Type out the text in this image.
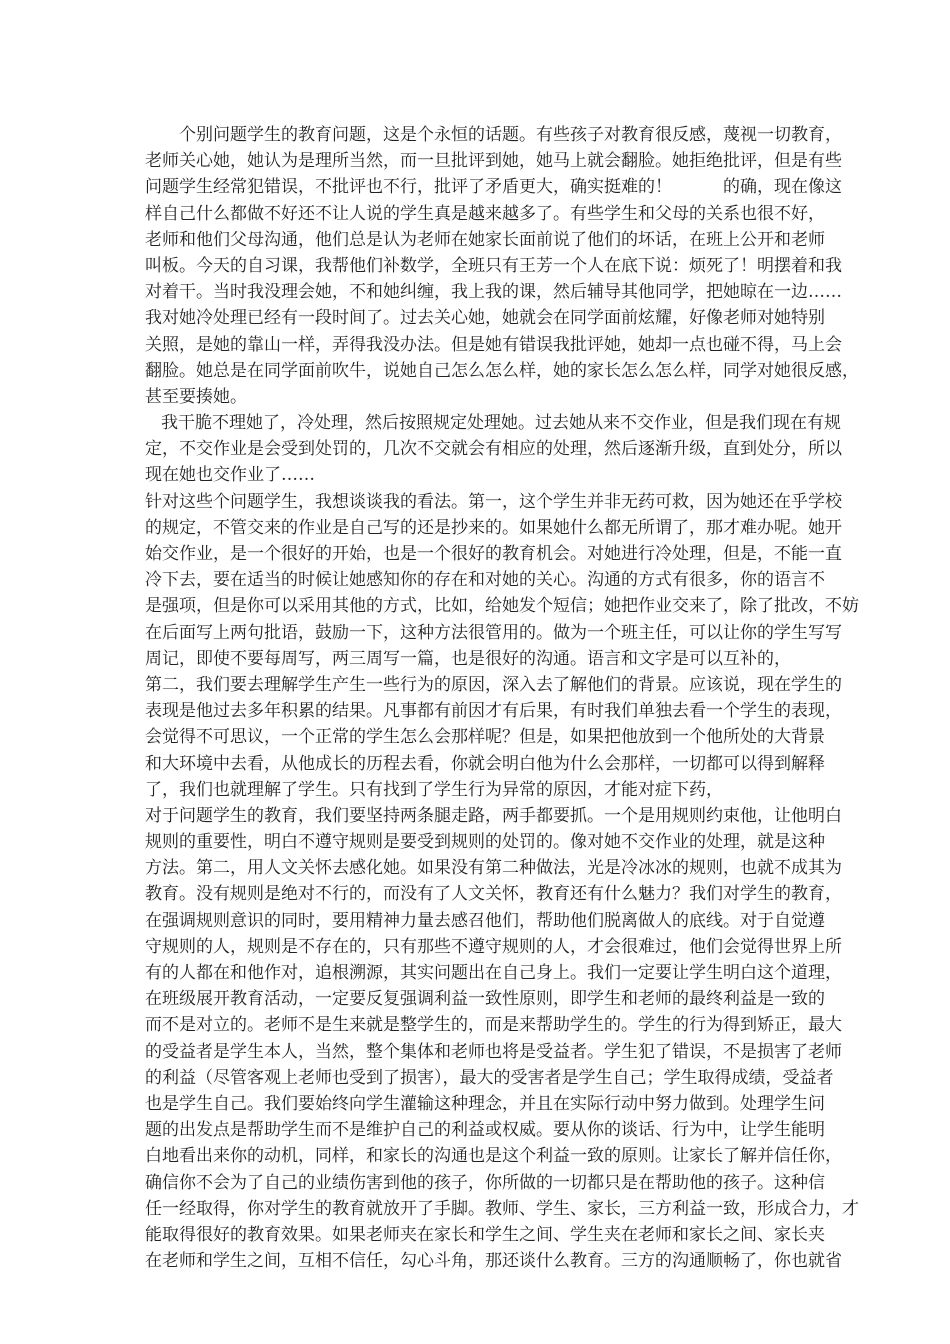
个别问题学生的教育问题，这是个永恒的话题。有些孩子对教育很反感，蔑视一切教育，
老师关心她，她认为是理所当然，而一旦批评到她，她马上就会翻脸。她拒绝批评，但是有些
问题学生经常犯错误，不批评也不行，批评了矛盾更大，确实挺难的！　　　的确，现在像这
样自己什么都做不好还不让人说的学生真是越来越多了。有些学生和父母的关系也很不好，
老师和他们父母沟通，他们总是认为老师在她家长面前说了他们的坏话，在班上公开和老师
叫板。今天的自习课，我帮他们补数学，全班只有王芳一个人在底下说：烦死了！明摆着和我
对着干。当时我没理会她，不和她纠缠，我上我的课，然后辅导其他同学，把她晾在一边……
我对她冷处理已经有一段时间了。过去关心她，她就会在同学面前炫耀，好像老师对她特别
关照，是她的靠山一样，弄得我没办法。但是她有错误我批评她，她却一点也碰不得，马上会
翻脸。她总是在同学面前吹牛，说她自己怎么怎么样，她的家长怎么怎么样，同学对她很反感，
甚至要揍她。
我干脆不理她了，冷处理，然后按照规定处理她。过去她从来不交作业，但是我们现在有规
定，不交作业是会受到处罚的，几次不交就会有相应的处理，然后逐渐升级，直到处分，所以
现在她也交作业了……
针对这些个问题学生，我想谈谈我的看法。第一，这个学生并非无药可救，因为她还在乎学校
的规定，不管交来的作业是自己写的还是抄来的。如果她什么都无所谓了，那才难办呢。她开
始交作业，是一个很好的开始，也是一个很好的教育机会。对她进行冷处理，但是，不能一直
冷下去，要在适当的时候让她感知你的存在和对她的关心。沟通的方式有很多，你的语言不
是强项，但是你可以采用其他的方式，比如，给她发个短信；她把作业交来了，除了批改，不妨
在后面写上两句批语，鼓励一下，这种方法很管用的。做为一个班主任，可以让你的学生写写
周记，即使不要每周写，两三周写一篇，也是很好的沟通。语言和文字是可以互补的，
第二，我们要去理解学生产生一些行为的原因，深入去了解他们的背景。应该说，现在学生的
表现是他过去多年积累的结果。凡事都有前因才有后果，有时我们单独去看一个学生的表现，
会觉得不可思议，一个正常的学生怎么会那样呢？但是，如果把他放到一个他所处的大背景
和大环境中去看，从他成长的历程去看，你就会明白他为什么会那样，一切都可以得到解释
了，我们也就理解了学生。只有找到了学生行为异常的原因，才能对症下药，
对于问题学生的教育，我们要坚持两条腿走路，两手都要抓。一个是用规则约束他，让他明白
规则的重要性，明白不遵守规则是要受到规则的处罚的。像对她不交作业的处理，就是这种
方法。第二，用人文关怀去感化她。如果没有第二种做法，光是冷冰冰的规则，也就不成其为
教育。没有规则是绝对不行的，而没有了人文关怀，教育还有什么魅力？我们对学生的教育，
在强调规则意识的同时，要用精神力量去感召他们，帮助他们脱离做人的底线。对于自觉遵
守规则的人，规则是不存在的，只有那些不遵守规则的人，才会很难过，他们会觉得世界上所
有的人都在和他作对，追根溯源，其实问题出在自己身上。我们一定要让学生明白这个道理，
在班级展开教育活动，一定要反复强调利益一致性原则，即学生和老师的最终利益是一致的
而不是对立的。老师不是生来就是整学生的，而是来帮助学生的。学生的行为得到矫正，最大
的受益者是学生本人，当然，整个集体和老师也将是受益者。学生犯了错误，不是损害了老师
的利益（尽管客观上老师也受到了损害），最大的受害者是学生自己；学生取得成绩，受益者
也是学生自己。我们要始终向学生灌输这种理念，并且在实际行动中努力做到。处理学生问
题的出发点是帮助学生而不是维护自己的利益或权威。要从你的谈话、行为中，让学生能明
白地看出来你的动机，同样，和家长的沟通也是这个利益一致的原则。让家长了解并信任你，
确信你不会为了自己的业绩伤害到他的孩子，你所做的一切都只是在帮助他的孩子。这种信
任一经取得，你对学生的教育就放开了手脚。教师、学生、家长，三方利益一致，形成合力，才
能取得很好的教育效果。如果老师夹在家长和学生之间、学生夹在老师和家长之间、家长夹
在老师和学生之间，互相不信任，勾心斗角，那还谈什么教育。三方的沟通顺畅了，你也就省
